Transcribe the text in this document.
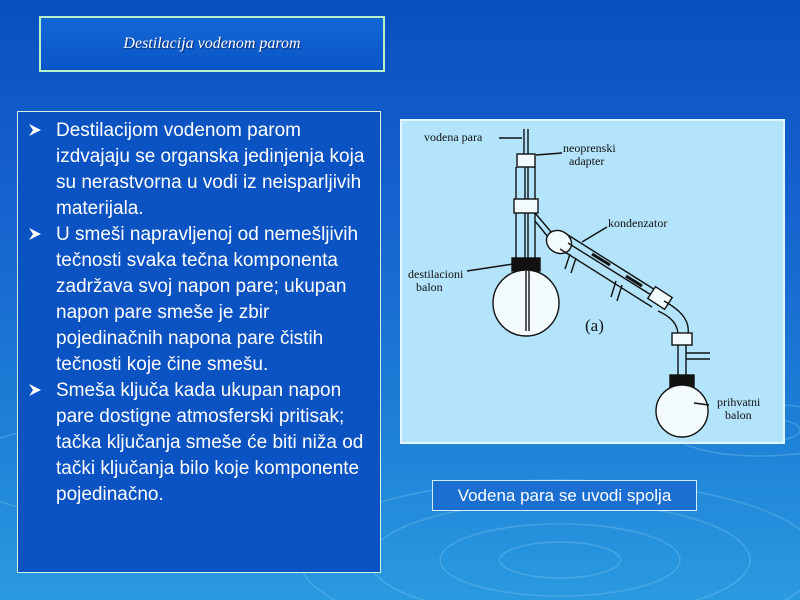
Destilacija vodenom parom
Destilacijom vodenom parom izdvajaju se organska jedinjenja koja su nerastvorna u vodi iz neisparljivih materijala.
U smeši napravljenoj od nemešljivih tečnosti svaka tečna komponenta zadržava svoj napon pare; ukupan napon pare smeše je zbir pojedinačnih napona pare čistih tečnosti koje čine smešu.
Smeša ključa kada ukupan napon pare dostigne atmosferski pritisak; tačka ključanja smeše će biti niža od tački ključanja bilo koje komponente pojedinačno.
vodena para
neoprenski
adapter
kondenzator
destilacioni
balon
(a)
prihvatni
balon
Vodena para se uvodi spolja
